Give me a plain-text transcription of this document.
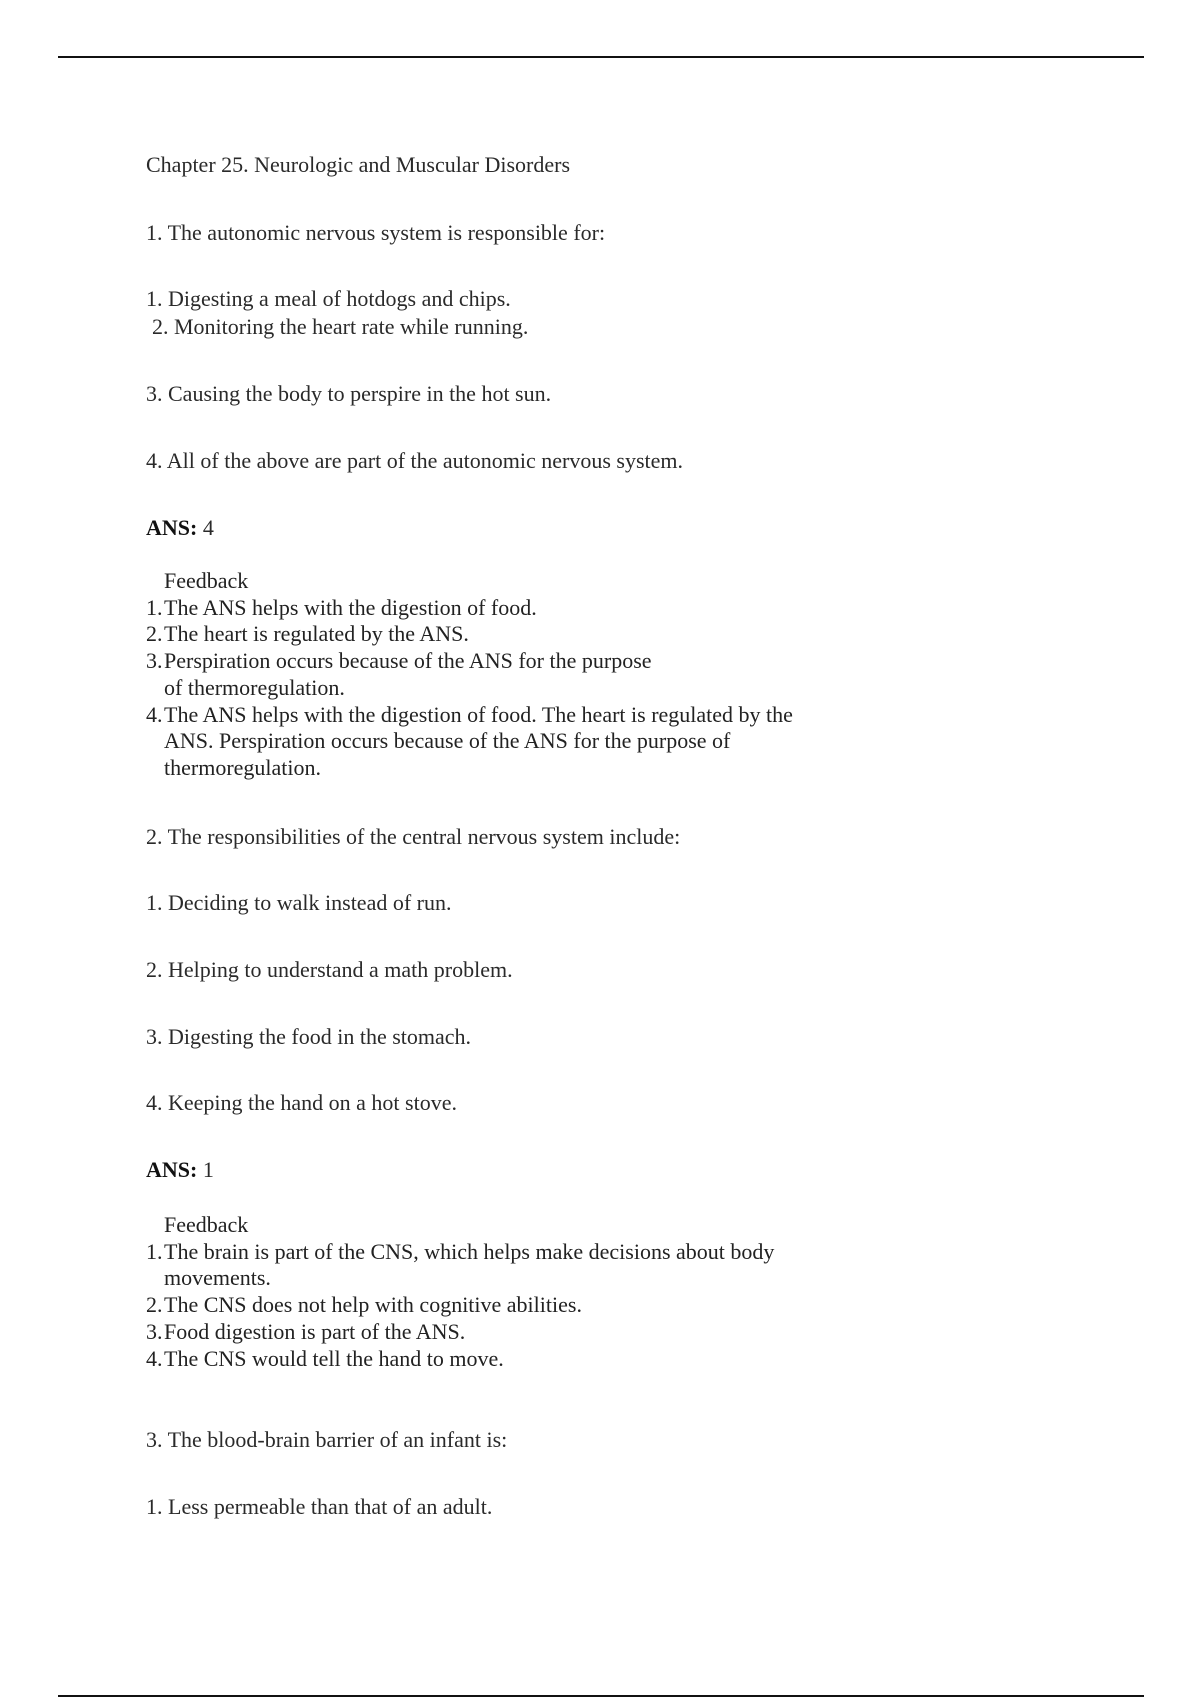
Chapter 25. Neurologic and Muscular Disorders
1. The autonomic nervous system is responsible for:
1. Digesting a meal of hotdogs and chips.
2. Monitoring the heart rate while running.
3. Causing the body to perspire in the hot sun.
4. All of the above are part of the autonomic nervous system.
ANS: 4
Feedback
1. The ANS helps with the digestion of food.
2. The heart is regulated by the ANS.
3. Perspiration occurs because of the ANS for the purpose
of thermoregulation.
4. The ANS helps with the digestion of food. The heart is regulated by the
ANS. Perspiration occurs because of the ANS for the purpose of
thermoregulation.
2. The responsibilities of the central nervous system include:
1. Deciding to walk instead of run.
2. Helping to understand a math problem.
3. Digesting the food in the stomach.
4. Keeping the hand on a hot stove.
ANS: 1
Feedback
1. The brain is part of the CNS, which helps make decisions about body
movements.
2. The CNS does not help with cognitive abilities.
3. Food digestion is part of the ANS.
4. The CNS would tell the hand to move.
3. The blood-brain barrier of an infant is:
1. Less permeable than that of an adult.
